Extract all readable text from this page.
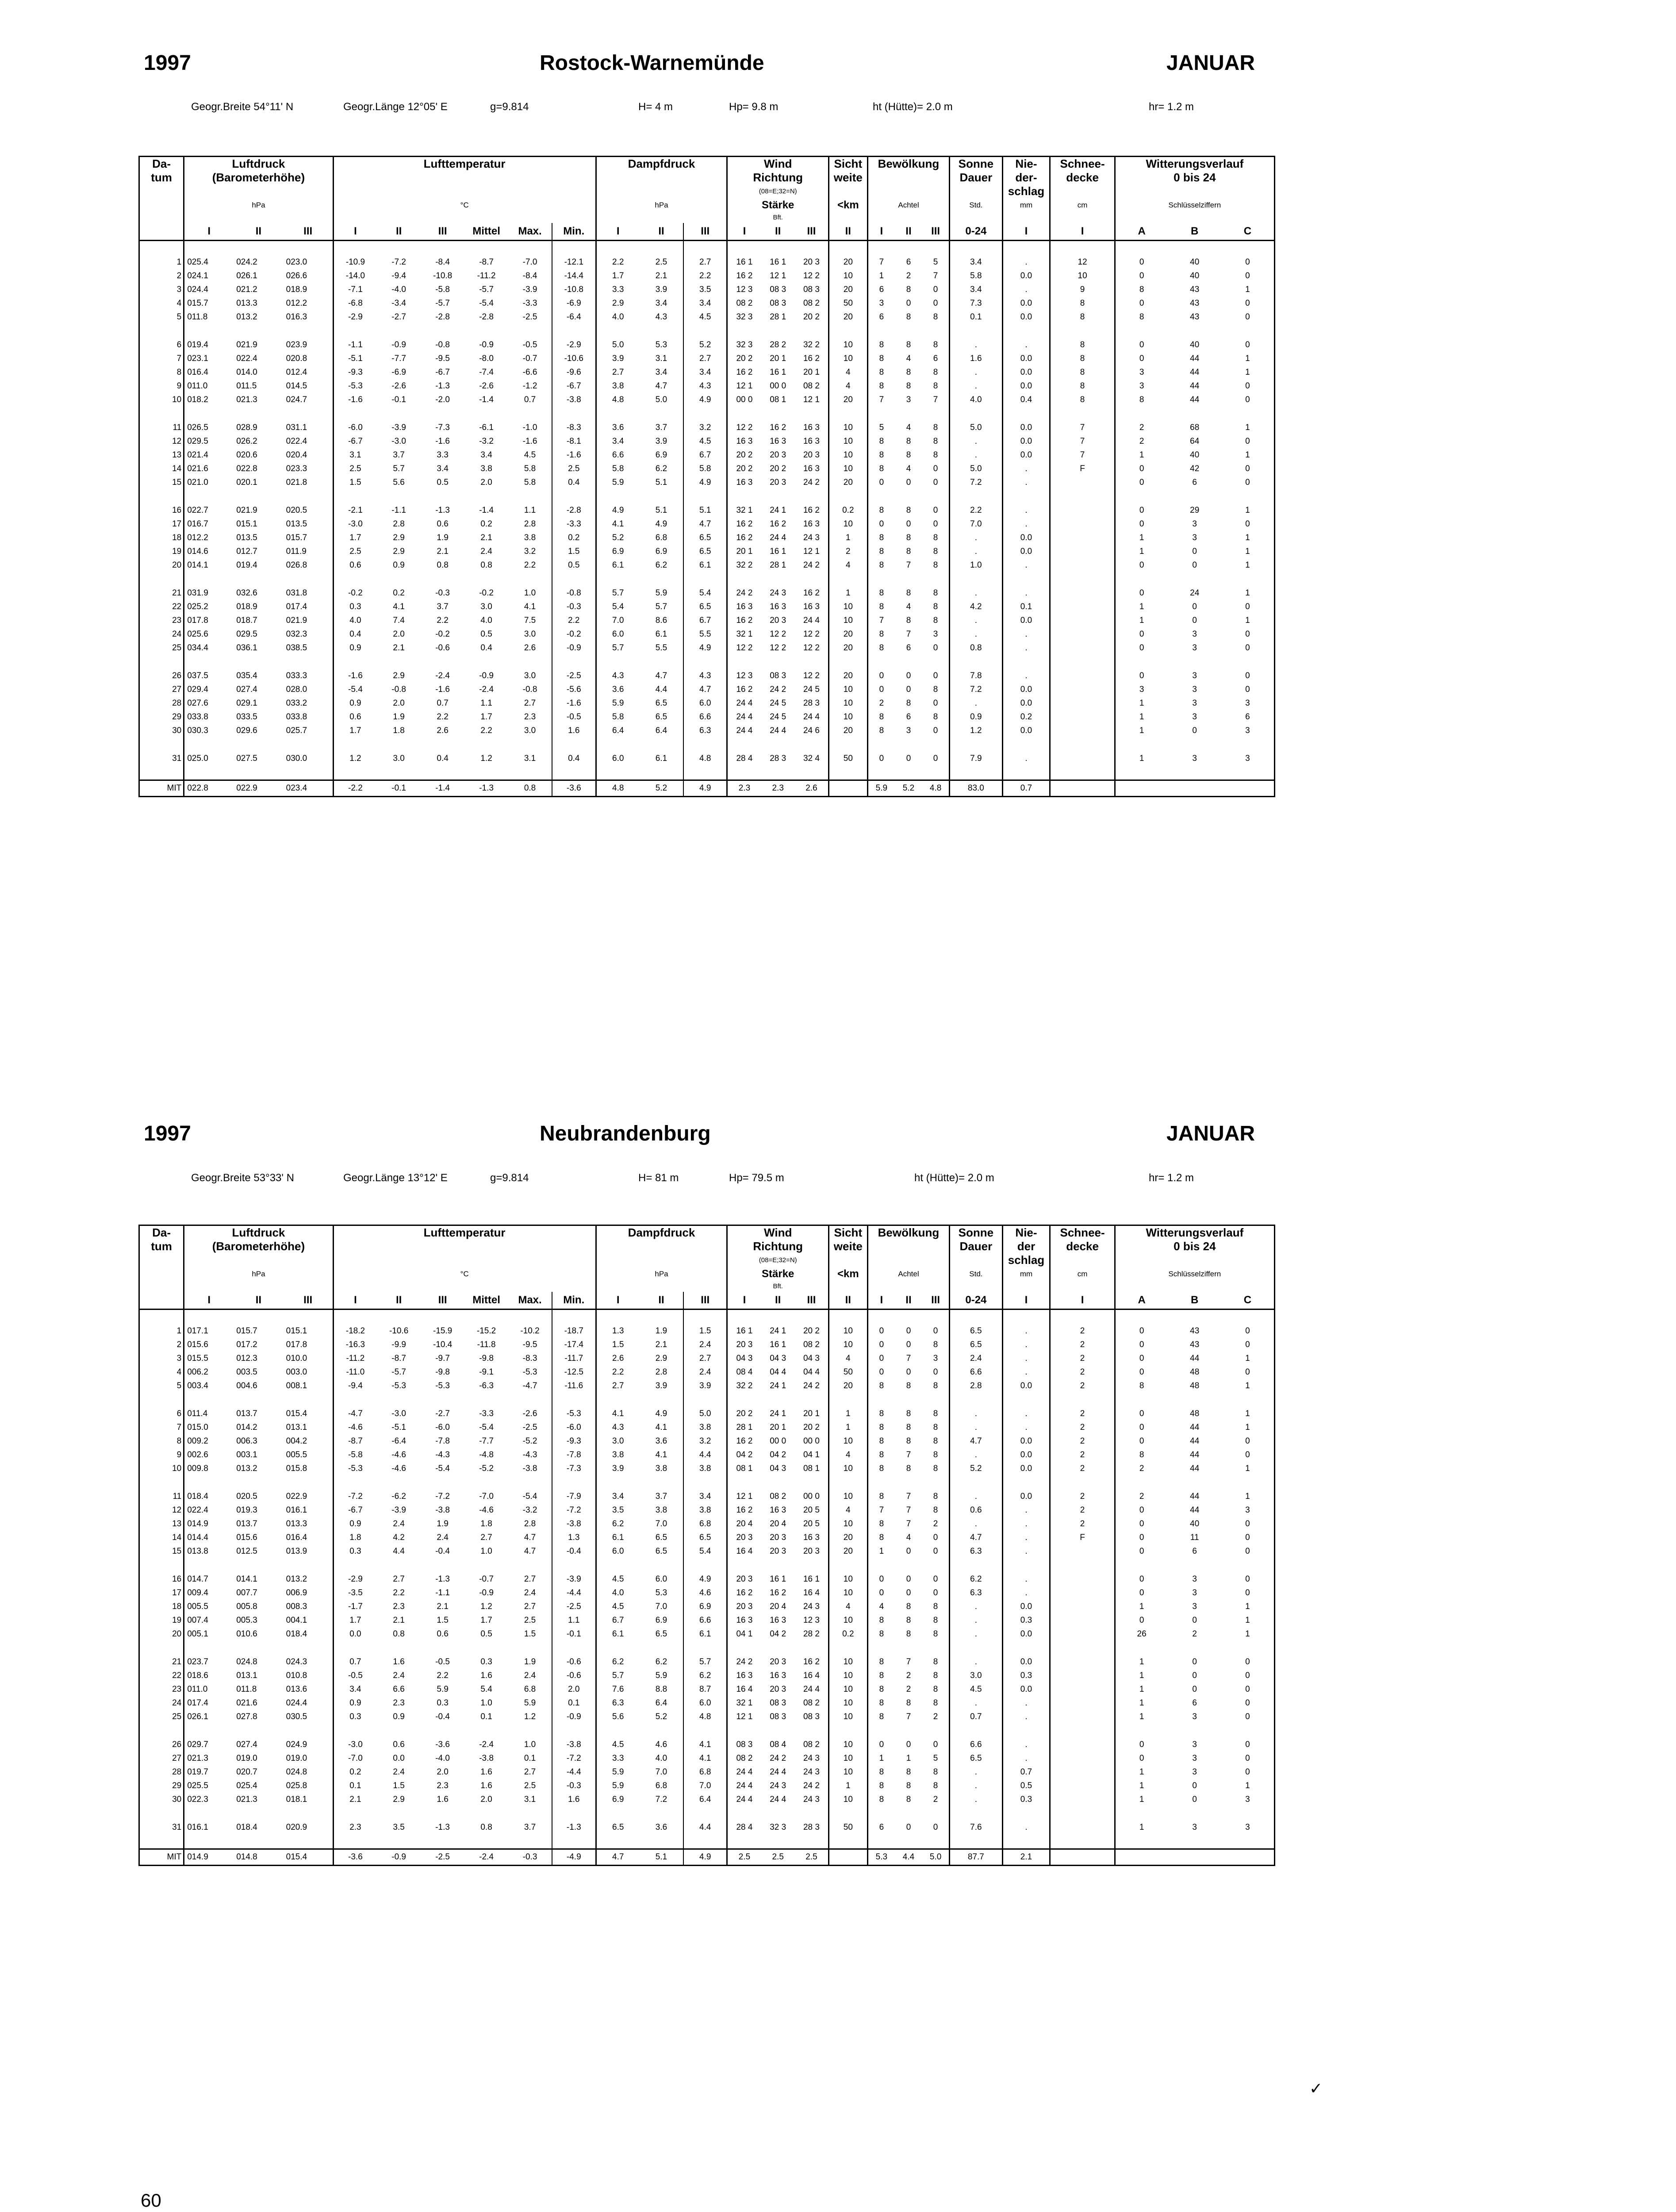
1997	Rostock-Warnemünde	JANUAR
Geogr.Breite 54°11' N	Geogr.Länge 12°05' E	g=9.814	H= 4 m	Hp= 9.8 m	ht (Hütte)= 2.0 m	hr= 1.2 m
Da-	Luftdruck			Lufttemperatur						Dampfdruck			Wind			Sicht	Bewölkung			Sonne	Nie-	Schnee-	Witterungsverlauf		
tum	(Barometerhöhe)												Richtung			weite				Dauer	der-	decke	0 bis 24		
													(08=E;32=N)								schlag				
	hPa			°C						hPa			Stärke			<km	Achtel			Std.	mm	cm	Schlüsselziffern		
													Bft.												
	I	II	III	I	II	III	Mittel	Max.	Min.	I	II	III	I	II	III	II	I	II	III	0-24	I	I	A	B	C

1	025.4	024.2	023.0	-10.9	-7.2	-8.4	-8.7	-7.0	-12.1	2.2	2.5	2.7	16 1	16 1	20 3	20	7	6	5	3.4	.	12	0	40	0
2	024.1	026.1	026.6	-14.0	-9.4	-10.8	-11.2	-8.4	-14.4	1.7	2.1	2.2	16 2	12 1	12 2	10	1	2	7	5.8	0.0	10	0	40	0
3	024.4	021.2	018.9	-7.1	-4.0	-5.8	-5.7	-3.9	-10.8	3.3	3.9	3.5	12 3	08 3	08 3	20	6	8	0	3.4	.	9	8	43	1
4	015.7	013.3	012.2	-6.8	-3.4	-5.7	-5.4	-3.3	-6.9	2.9	3.4	3.4	08 2	08 3	08 2	50	3	0	0	7.3	0.0	8	0	43	0
5	011.8	013.2	016.3	-2.9	-2.7	-2.8	-2.8	-2.5	-6.4	4.0	4.3	4.5	32 3	28 1	20 2	20	6	8	8	0.1	0.0	8	8	43	0

6	019.4	021.9	023.9	-1.1	-0.9	-0.8	-0.9	-0.5	-2.9	5.0	5.3	5.2	32 3	28 2	32 2	10	8	8	8	.	.	8	0	40	0
7	023.1	022.4	020.8	-5.1	-7.7	-9.5	-8.0	-0.7	-10.6	3.9	3.1	2.7	20 2	20 1	16 2	10	8	4	6	1.6	0.0	8	0	44	1
8	016.4	014.0	012.4	-9.3	-6.9	-6.7	-7.4	-6.6	-9.6	2.7	3.4	3.4	16 2	16 1	20 1	4	8	8	8	.	0.0	8	3	44	1
9	011.0	011.5	014.5	-5.3	-2.6	-1.3	-2.6	-1.2	-6.7	3.8	4.7	4.3	12 1	00 0	08 2	4	8	8	8	.	0.0	8	3	44	0
10	018.2	021.3	024.7	-1.6	-0.1	-2.0	-1.4	0.7	-3.8	4.8	5.0	4.9	00 0	08 1	12 1	20	7	3	7	4.0	0.4	8	8	44	0

11	026.5	028.9	031.1	-6.0	-3.9	-7.3	-6.1	-1.0	-8.3	3.6	3.7	3.2	12 2	16 2	16 3	10	5	4	8	5.0	0.0	7	2	68	1
12	029.5	026.2	022.4	-6.7	-3.0	-1.6	-3.2	-1.6	-8.1	3.4	3.9	4.5	16 3	16 3	16 3	10	8	8	8	.	0.0	7	2	64	0
13	021.4	020.6	020.4	3.1	3.7	3.3	3.4	4.5	-1.6	6.6	6.9	6.7	20 2	20 3	20 3	10	8	8	8	.	0.0	7	1	40	1
14	021.6	022.8	023.3	2.5	5.7	3.4	3.8	5.8	2.5	5.8	6.2	5.8	20 2	20 2	16 3	10	8	4	0	5.0	.	F	0	42	0
15	021.0	020.1	021.8	1.5	5.6	0.5	2.0	5.8	0.4	5.9	5.1	4.9	16 3	20 3	24 2	20	0	0	0	7.2	.		0	6	0

16	022.7	021.9	020.5	-2.1	-1.1	-1.3	-1.4	1.1	-2.8	4.9	5.1	5.1	32 1	24 1	16 2	0.2	8	8	0	2.2	.		0	29	1
17	016.7	015.1	013.5	-3.0	2.8	0.6	0.2	2.8	-3.3	4.1	4.9	4.7	16 2	16 2	16 3	10	0	0	0	7.0	.		0	3	0
18	012.2	013.5	015.7	1.7	2.9	1.9	2.1	3.8	0.2	5.2	6.8	6.5	16 2	24 4	24 3	1	8	8	8	.	0.0		1	3	1
19	014.6	012.7	011.9	2.5	2.9	2.1	2.4	3.2	1.5	6.9	6.9	6.5	20 1	16 1	12 1	2	8	8	8	.	0.0		1	0	1
20	014.1	019.4	026.8	0.6	0.9	0.8	0.8	2.2	0.5	6.1	6.2	6.1	32 2	28 1	24 2	4	8	7	8	1.0	.		0	0	1

21	031.9	032.6	031.8	-0.2	0.2	-0.3	-0.2	1.0	-0.8	5.7	5.9	5.4	24 2	24 3	16 2	1	8	8	8	.	.		0	24	1
22	025.2	018.9	017.4	0.3	4.1	3.7	3.0	4.1	-0.3	5.4	5.7	6.5	16 3	16 3	16 3	10	8	4	8	4.2	0.1		1	0	0
23	017.8	018.7	021.9	4.0	7.4	2.2	4.0	7.5	2.2	7.0	8.6	6.7	16 2	20 3	24 4	10	7	8	8	.	0.0		1	0	1
24	025.6	029.5	032.3	0.4	2.0	-0.2	0.5	3.0	-0.2	6.0	6.1	5.5	32 1	12 2	12 2	20	8	7	3	.	.		0	3	0
25	034.4	036.1	038.5	0.9	2.1	-0.6	0.4	2.6	-0.9	5.7	5.5	4.9	12 2	12 2	12 2	20	8	6	0	0.8	.		0	3	0

26	037.5	035.4	033.3	-1.6	2.9	-2.4	-0.9	3.0	-2.5	4.3	4.7	4.3	12 3	08 3	12 2	20	0	0	0	7.8	.		0	3	0
27	029.4	027.4	028.0	-5.4	-0.8	-1.6	-2.4	-0.8	-5.6	3.6	4.4	4.7	16 2	24 2	24 5	10	0	0	8	7.2	0.0		3	3	0
28	027.6	029.1	033.2	0.9	2.0	0.7	1.1	2.7	-1.6	5.9	6.5	6.0	24 4	24 5	28 3	10	2	8	0	.	0.0		1	3	3
29	033.8	033.5	033.8	0.6	1.9	2.2	1.7	2.3	-0.5	5.8	6.5	6.6	24 4	24 5	24 4	10	8	6	8	0.9	0.2		1	3	6
30	030.3	029.6	025.7	1.7	1.8	2.6	2.2	3.0	1.6	6.4	6.4	6.3	24 4	24 4	24 6	20	8	3	0	1.2	0.0		1	0	3

31	025.0	027.5	030.0	1.2	3.0	0.4	1.2	3.1	0.4	6.0	6.1	4.8	28 4	28 3	32 4	50	0	0	0	7.9	.		1	3	3

MIT	022.8	022.9	023.4	-2.2	-0.1	-1.4	-1.3	0.8	-3.6	4.8	5.2	4.9	2.3	2.3	2.6		5.9	5.2	4.8	83.0	0.7				
1997	Neubrandenburg	JANUAR
Geogr.Breite 53°33' N	Geogr.Länge 13°12' E	g=9.814	H= 81 m	Hp= 79.5 m	ht (Hütte)= 2.0 m	hr= 1.2 m
Da-	Luftdruck			Lufttemperatur						Dampfdruck			Wind			Sicht	Bewölkung			Sonne	Nie-	Schnee-	Witterungsverlauf		
tum	(Barometerhöhe)												Richtung			weite				Dauer	der	decke	0 bis 24		
													(08=E;32=N)								schlag				
	hPa			°C						hPa			Stärke			<km	Achtel			Std.	mm	cm	Schlüsselziffern		
													Bft.												
	I	II	III	I	II	III	Mittel	Max.	Min.	I	II	III	I	II	III	II	I	II	III	0-24	I	I	A	B	C

1	017.1	015.7	015.1	-18.2	-10.6	-15.9	-15.2	-10.2	-18.7	1.3	1.9	1.5	16 1	24 1	20 2	10	0	0	0	6.5	.	2	0	43	0
2	015.6	017.2	017.8	-16.3	-9.9	-10.4	-11.8	-9.5	-17.4	1.5	2.1	2.4	20 3	16 1	08 2	10	0	0	8	6.5	.	2	0	43	0
3	015.5	012.3	010.0	-11.2	-8.7	-9.7	-9.8	-8.3	-11.7	2.6	2.9	2.7	04 3	04 3	04 3	4	0	7	3	2.4	.	2	0	44	1
4	006.2	003.5	003.0	-11.0	-5.7	-9.8	-9.1	-5.3	-12.5	2.2	2.8	2.4	08 4	04 4	04 4	50	0	0	0	6.6	.	2	0	48	0
5	003.4	004.6	008.1	-9.4	-5.3	-5.3	-6.3	-4.7	-11.6	2.7	3.9	3.9	32 2	24 1	24 2	20	8	8	8	2.8	0.0	2	8	48	1

6	011.4	013.7	015.4	-4.7	-3.0	-2.7	-3.3	-2.6	-5.3	4.1	4.9	5.0	20 2	24 1	20 1	1	8	8	8	.	.	2	0	48	1
7	015.0	014.2	013.1	-4.6	-5.1	-6.0	-5.4	-2.5	-6.0	4.3	4.1	3.8	28 1	20 1	20 2	1	8	8	8	.	.	2	0	44	1
8	009.2	006.3	004.2	-8.7	-6.4	-7.8	-7.7	-5.2	-9.3	3.0	3.6	3.2	16 2	00 0	00 0	10	8	8	8	4.7	0.0	2	0	44	0
9	002.6	003.1	005.5	-5.8	-4.6	-4.3	-4.8	-4.3	-7.8	3.8	4.1	4.4	04 2	04 2	04 1	4	8	7	8	.	0.0	2	8	44	0
10	009.8	013.2	015.8	-5.3	-4.6	-5.4	-5.2	-3.8	-7.3	3.9	3.8	3.8	08 1	04 3	08 1	10	8	8	8	5.2	0.0	2	2	44	1

11	018.4	020.5	022.9	-7.2	-6.2	-7.2	-7.0	-5.4	-7.9	3.4	3.7	3.4	12 1	08 2	00 0	10	8	7	8	.	0.0	2	2	44	1
12	022.4	019.3	016.1	-6.7	-3.9	-3.8	-4.6	-3.2	-7.2	3.5	3.8	3.8	16 2	16 3	20 5	4	7	7	8	0.6	.	2	0	44	3
13	014.9	013.7	013.3	0.9	2.4	1.9	1.8	2.8	-3.8	6.2	7.0	6.8	20 4	20 4	20 5	10	8	7	2	.	.	2	0	40	0
14	014.4	015.6	016.4	1.8	4.2	2.4	2.7	4.7	1.3	6.1	6.5	6.5	20 3	20 3	16 3	20	8	4	0	4.7	.	F	0	11	0
15	013.8	012.5	013.9	0.3	4.4	-0.4	1.0	4.7	-0.4	6.0	6.5	5.4	16 4	20 3	20 3	20	1	0	0	6.3	.		0	6	0

16	014.7	014.1	013.2	-2.9	2.7	-1.3	-0.7	2.7	-3.9	4.5	6.0	4.9	20 3	16 1	16 1	10	0	0	0	6.2	.		0	3	0
17	009.4	007.7	006.9	-3.5	2.2	-1.1	-0.9	2.4	-4.4	4.0	5.3	4.6	16 2	16 2	16 4	10	0	0	0	6.3	.		0	3	0
18	005.5	005.8	008.3	-1.7	2.3	2.1	1.2	2.7	-2.5	4.5	7.0	6.9	20 3	20 4	24 3	4	4	8	8	.	0.0		1	3	1
19	007.4	005.3	004.1	1.7	2.1	1.5	1.7	2.5	1.1	6.7	6.9	6.6	16 3	16 3	12 3	10	8	8	8	.	0.3		0	0	1
20	005.1	010.6	018.4	0.0	0.8	0.6	0.5	1.5	-0.1	6.1	6.5	6.1	04 1	04 2	28 2	0.2	8	8	8	.	0.0		26	2	1

21	023.7	024.8	024.3	0.7	1.6	-0.5	0.3	1.9	-0.6	6.2	6.2	5.7	24 2	20 3	16 2	10	8	7	8	.	0.0		1	0	0
22	018.6	013.1	010.8	-0.5	2.4	2.2	1.6	2.4	-0.6	5.7	5.9	6.2	16 3	16 3	16 4	10	8	2	8	3.0	0.3		1	0	0
23	011.0	011.8	013.6	3.4	6.6	5.9	5.4	6.8	2.0	7.6	8.8	8.7	16 4	20 3	24 4	10	8	2	8	4.5	0.0		1	0	0
24	017.4	021.6	024.4	0.9	2.3	0.3	1.0	5.9	0.1	6.3	6.4	6.0	32 1	08 3	08 2	10	8	8	8	.	.		1	6	0
25	026.1	027.8	030.5	0.3	0.9	-0.4	0.1	1.2	-0.9	5.6	5.2	4.8	12 1	08 3	08 3	10	8	7	2	0.7	.		1	3	0

26	029.7	027.4	024.9	-3.0	0.6	-3.6	-2.4	1.0	-3.8	4.5	4.6	4.1	08 3	08 4	08 2	10	0	0	0	6.6	.		0	3	0
27	021.3	019.0	019.0	-7.0	0.0	-4.0	-3.8	0.1	-7.2	3.3	4.0	4.1	08 2	24 2	24 3	10	1	1	5	6.5	.		0	3	0
28	019.7	020.7	024.8	0.2	2.4	2.0	1.6	2.7	-4.4	5.9	7.0	6.8	24 4	24 4	24 3	10	8	8	8	.	0.7		1	3	0
29	025.5	025.4	025.8	0.1	1.5	2.3	1.6	2.5	-0.3	5.9	6.8	7.0	24 4	24 3	24 2	1	8	8	8	.	0.5		1	0	1
30	022.3	021.3	018.1	2.1	2.9	1.6	2.0	3.1	1.6	6.9	7.2	6.4	24 4	24 4	24 3	10	8	8	2	.	0.3		1	0	3

31	016.1	018.4	020.9	2.3	3.5	-1.3	0.8	3.7	-1.3	6.5	3.6	4.4	28 4	32 3	28 3	50	6	0	0	7.6	.		1	3	3

MIT	014.9	014.8	015.4	-3.6	-0.9	-2.5	-2.4	-0.3	-4.9	4.7	5.1	4.9	2.5	2.5	2.5		5.3	4.4	5.0	87.7	2.1				
60
✓
